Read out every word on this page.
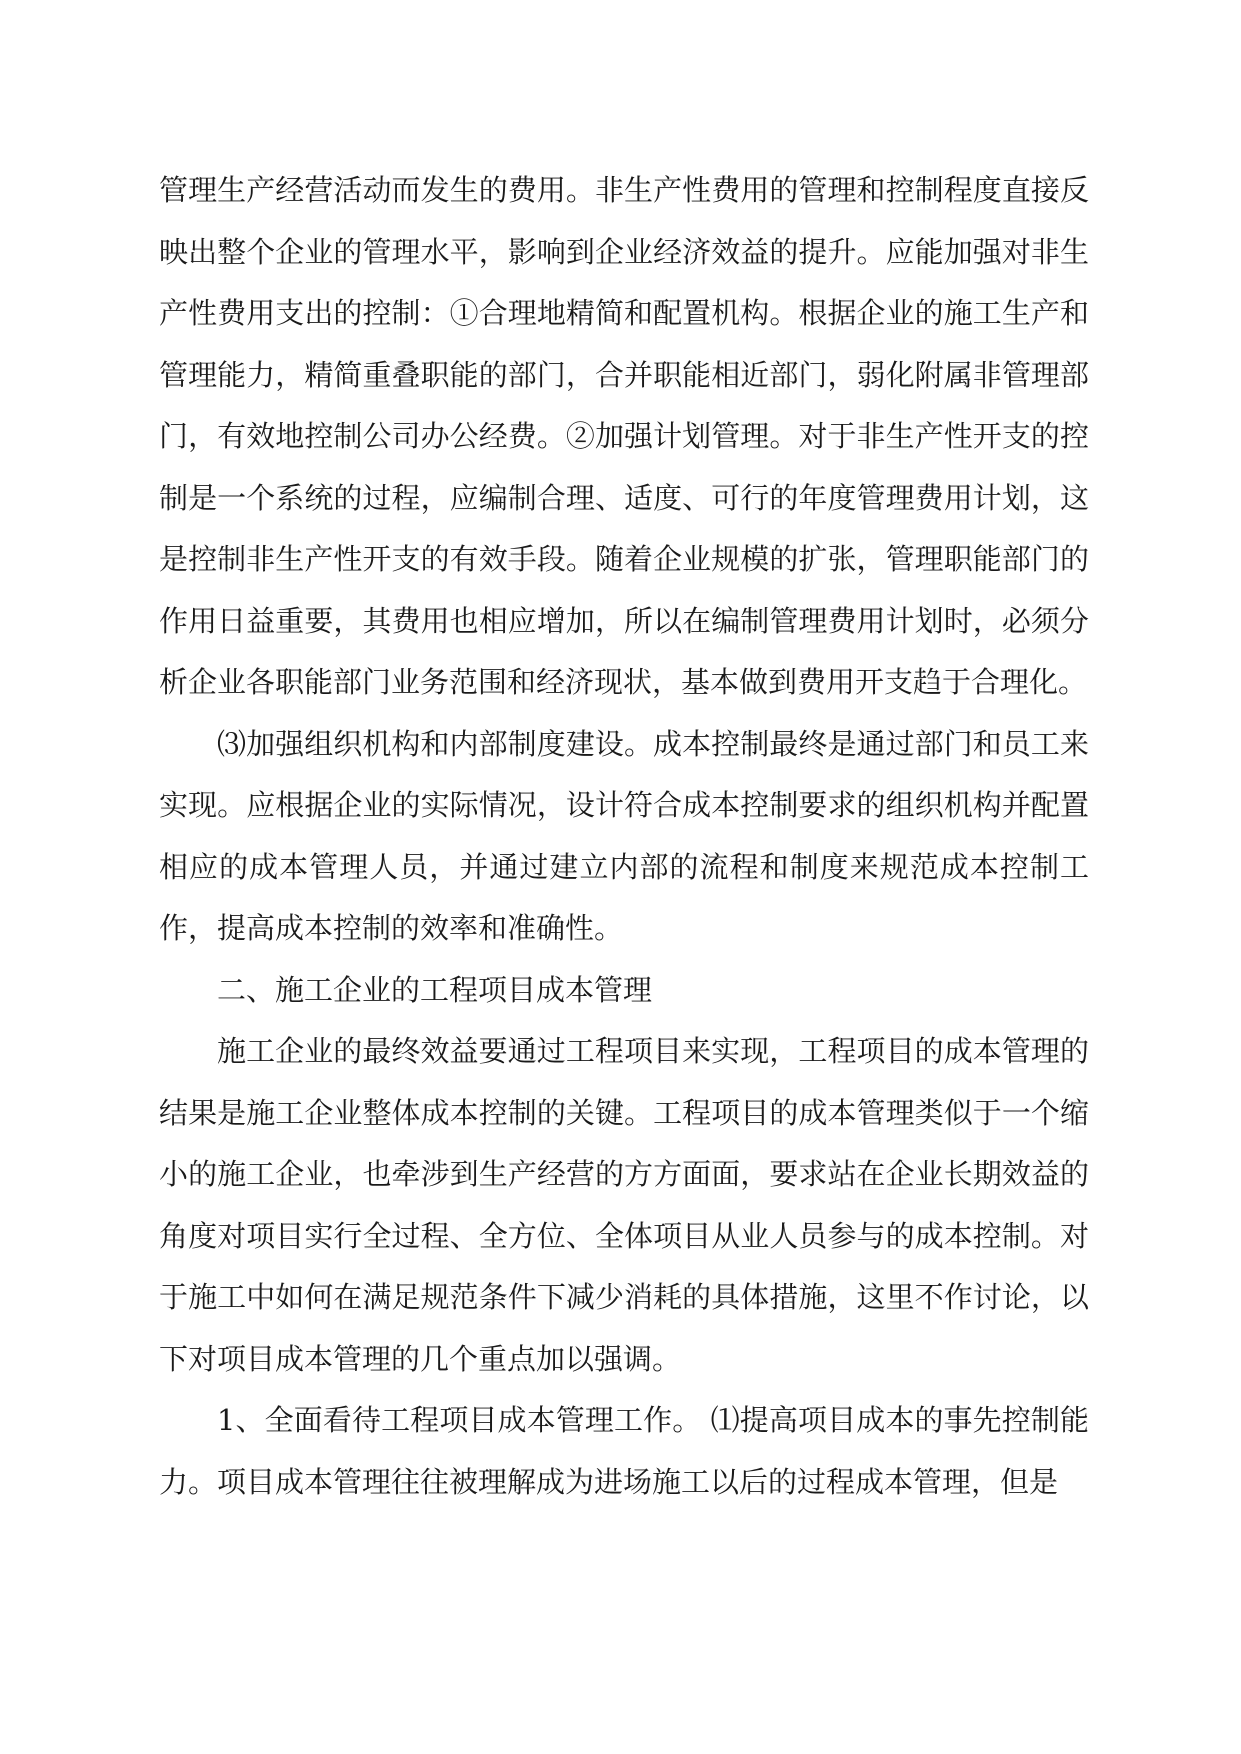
管理生产经营活动而发生的费用。非生产性费用的管理和控制程度直接反映出整个企业的管理水平，影响到企业经济效益的提升。应能加强对非生产性费用支出的控制：①合理地精简和配置机构。根据企业的施工生产和管理能力，精简重叠职能的部门，合并职能相近部门，弱化附属非管理部门，有效地控制公司办公经费。②加强计划管理。对于非生产性开支的控制是一个系统的过程，应编制合理、适度、可行的年度管理费用计划，这是控制非生产性开支的有效手段。随着企业规模的扩张，管理职能部门的作用日益重要，其费用也相应增加，所以在编制管理费用计划时，必须分析企业各职能部门业务范围和经济现状，基本做到费用开支趋于合理化。

⑶加强组织机构和内部制度建设。成本控制最终是通过部门和员工来实现。应根据企业的实际情况，设计符合成本控制要求的组织机构并配置相应的成本管理人员，并通过建立内部的流程和制度来规范成本控制工作，提高成本控制的效率和准确性。

二、施工企业的工程项目成本管理

施工企业的最终效益要通过工程项目来实现，工程项目的成本管理的结果是施工企业整体成本控制的关键。工程项目的成本管理类似于一个缩小的施工企业，也牵涉到生产经营的方方面面，要求站在企业长期效益的角度对项目实行全过程、全方位、全体项目从业人员参与的成本控制。对于施工中如何在满足规范条件下减少消耗的具体措施，这里不作讨论，以下对项目成本管理的几个重点加以强调。

1、全面看待工程项目成本管理工作。 ⑴提高项目成本的事先控制能力。项目成本管理往往被理解成为进场施工以后的过程成本管理，但是
